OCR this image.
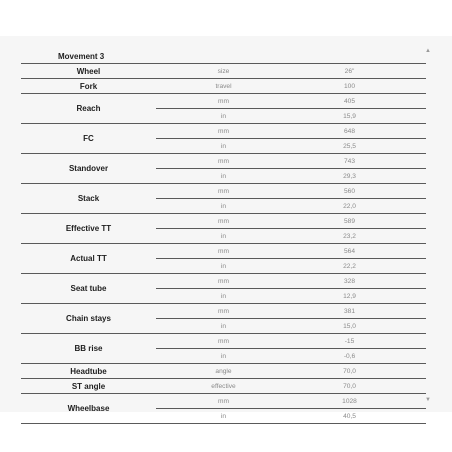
▲
Movement 3		
Wheel	size	26"
Fork	travel	100
Reach	mm	405
	in	15,9
FC	mm	648
	in	25,5
Standover	mm	743
	in	29,3
Stack	mm	560
	in	22,0
Effective TT	mm	589
	in	23,2
Actual TT	mm	564
	in	22,2
Seat tube	mm	328
	in	12,9
Chain stays	mm	381
	in	15,0
BB rise	mm	-15
	in	-0,6
Headtube	angle	70,0
ST angle	effective	70,0
Wheelbase	mm	1028
	in	40,5
▼
